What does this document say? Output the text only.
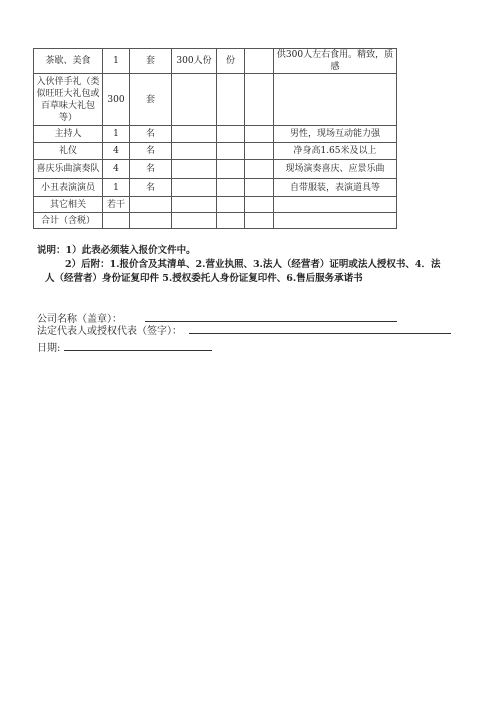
茶歇、美食	1	套	300人份	份		供300人左右食用。精致，质感
入伙伴手礼（类似旺旺大礼包或百草味大礼包等）	300	套				
主持人	1	名				男性，现场互动能力强
礼仪	4	名				净身高1.65米及以上
喜庆乐曲演奏队	4	名				现场演奏喜庆、应景乐曲
小丑表演演员	1	名				自带服装，表演道具等
其它相关	若干					
合计（含税）						

说明：1）此表必须装入报价文件中。

2）后附：1.报价含及其清单、2.营业执照、3.法人（经营者）证明或法人授权书、4．法

人（经营者）身份证复印件 5.授权委托人身份证复印件、6.售后服务承诺书

公司名称（盖章）：
法定代表人或授权代表（签字）：
日期:
